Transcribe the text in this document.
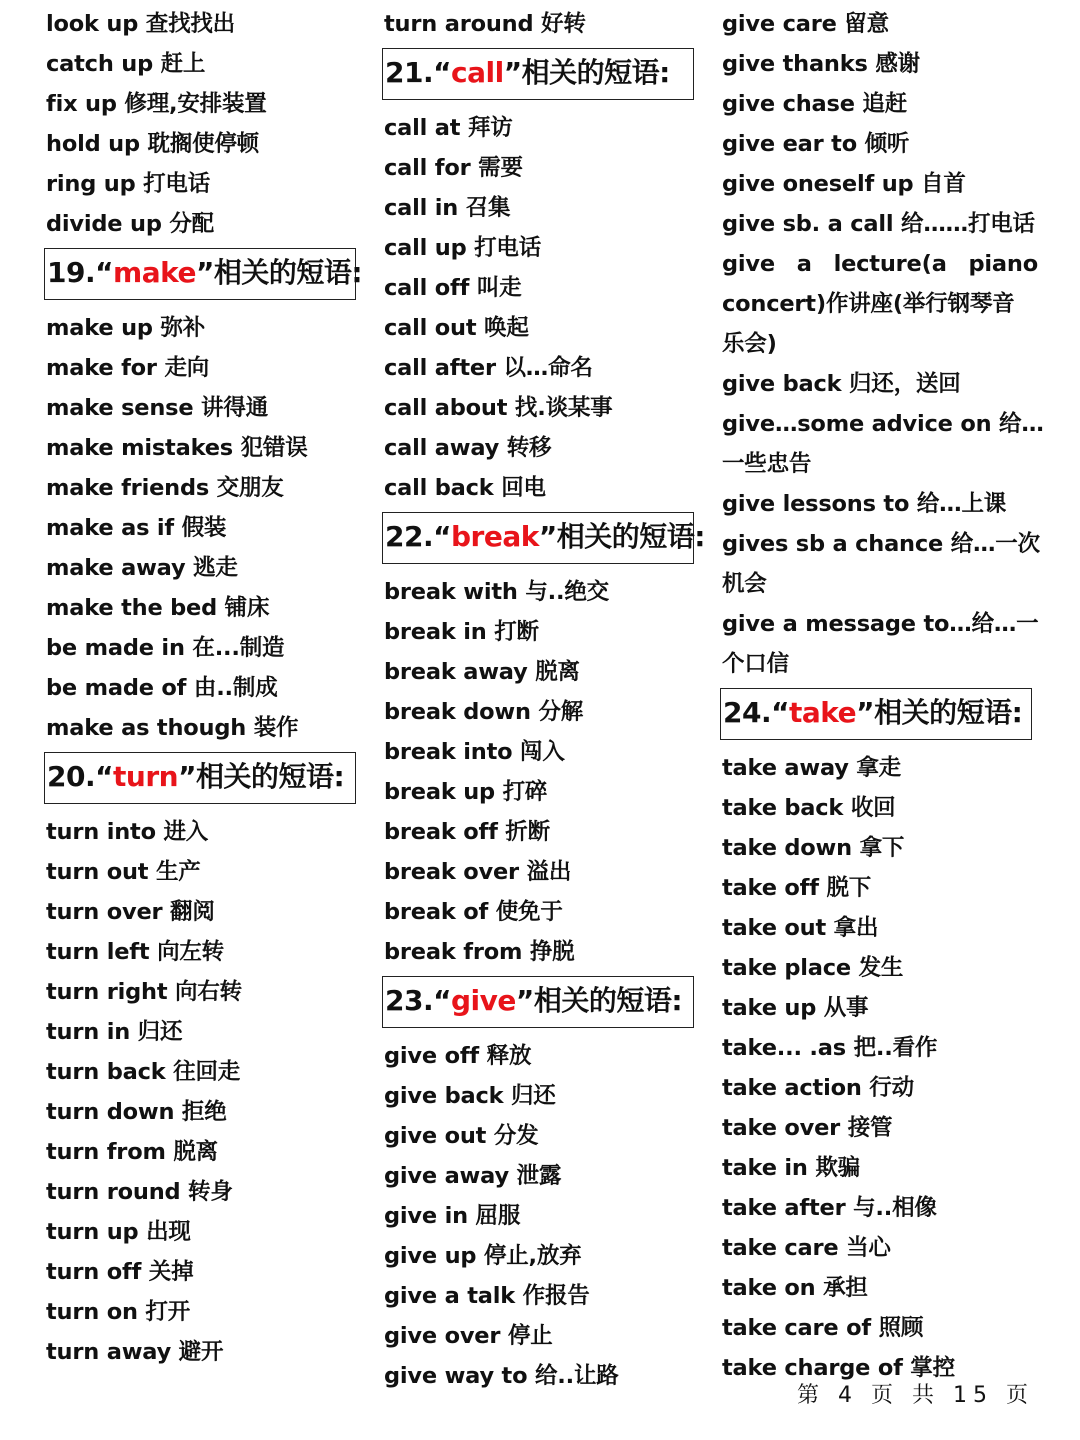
look up 查找找出
catch up 赶上
fix up 修理,安排装置
hold up 耽搁使停顿
ring up 打电话
divide up 分配
19.“make”相关的短语:
make up 弥补
make for 走向
make sense 讲得通
make mistakes 犯错误
make friends 交朋友
make as if 假装
make away 逃走
make the bed 铺床
be made in 在...制造
be made of 由..制成
make as though 装作
20.“turn”相关的短语:
turn into 进入
turn out 生产
turn over 翻阅
turn left 向左转
turn right 向右转
turn in 归还
turn back 往回走
turn down 拒绝
turn from 脱离
turn round 转身
turn up 出现
turn off 关掉
turn on 打开
turn away 避开
turn around 好转
21.“call”相关的短语:
call at 拜访
call for 需要
call in 召集
call up 打电话
call off 叫走
call out 唤起
call after 以…命名
call about 找.谈某事
call away 转移
call back 回电
22.“break”相关的短语:
break with 与..绝交
break in 打断
break away 脱离
break down 分解
break into 闯入
break up 打碎
break off 折断
break over 溢出
break of 使免于
break from 挣脱
23.“give”相关的短语:
give off 释放
give back 归还
give out 分发
give away 泄露
give in 屈服
give up 停止,放弃
give a talk 作报告
give over 停止
give way to 给..让路
give care 留意
give thanks 感谢
give chase 追赶
give ear to 倾听
give oneself up 自首
give sb. a call 给……打电话
give a lecture(a piano
concert)作讲座(举行钢琴音
乐会)
give back 归还，送回
give…some advice on 给…
一些忠告
give lessons to 给…上课
gives sb a chance 给…一次
机会
give a message to…给…一
个口信
24.“take”相关的短语:
take away 拿走
take back 收回
take down 拿下
take off 脱下
take out 拿出
take place 发生
take up 从事
take... .as 把..看作
take action 行动
take over 接管
take in 欺骗
take after 与..相像
take care 当心
take on 承担
take care of 照顾
take charge of 掌控
第 4 页 共 15 页
